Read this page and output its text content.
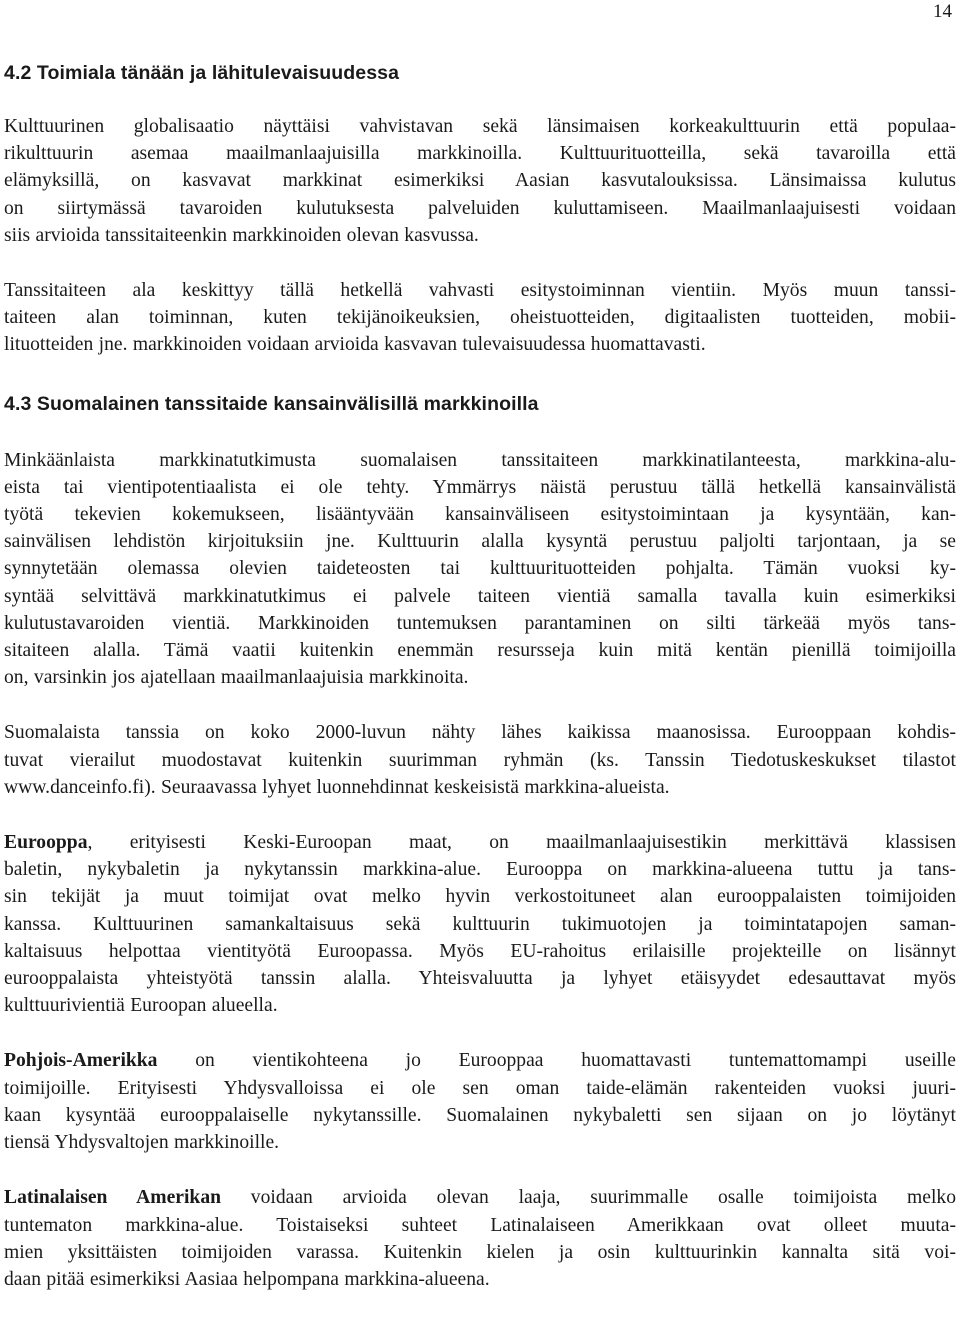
14
4.2 Toimiala tänään ja lähitulevaisuudessa

Kulttuurinen globalisaatio näyttäisi vahvistavan sekä länsimaisen korkeakulttuurin että populaa-
rikulttuurin asemaa maailmanlaajuisilla markkinoilla. Kulttuurituotteilla, sekä tavaroilla että
elämyksillä, on kasvavat markkinat esimerkiksi Aasian kasvutalouksissa. Länsimaissa kulutus
on siirtymässä tavaroiden kulutuksesta palveluiden kuluttamiseen. Maailmanlaajuisesti voidaan
siis arvioida tanssitaiteenkin markkinoiden olevan kasvussa.

Tanssitaiteen ala keskittyy tällä hetkellä vahvasti esitystoiminnan vientiin. Myös muun tanssi-
taiteen alan toiminnan, kuten tekijänoikeuksien, oheistuotteiden, digitaalisten tuotteiden, mobii-
lituotteiden jne. markkinoiden voidaan arvioida kasvavan tulevaisuudessa huomattavasti.

4.3 Suomalainen tanssitaide kansainvälisillä markkinoilla

Minkäänlaista markkinatutkimusta suomalaisen tanssitaiteen markkinatilanteesta, markkina-alu-
eista tai vientipotentiaalista ei ole tehty. Ymmärrys näistä perustuu tällä hetkellä kansainvälistä
työtä tekevien kokemukseen, lisääntyvään kansainväliseen esitystoimintaan ja kysyntään, kan-
sainvälisen lehdistön kirjoituksiin jne. Kulttuurin alalla kysyntä perustuu paljolti tarjontaan, ja se
synnytetään olemassa olevien taideteosten tai kulttuurituotteiden pohjalta. Tämän vuoksi ky-
syntää selvittävä markkinatutkimus ei palvele taiteen vientiä samalla tavalla kuin esimerkiksi
kulutustavaroiden vientiä. Markkinoiden tuntemuksen parantaminen on silti tärkeää myös tans-
sitaiteen alalla. Tämä vaatii kuitenkin enemmän resursseja kuin mitä kentän pienillä toimijoilla
on, varsinkin jos ajatellaan maailmanlaajuisia markkinoita.

Suomalaista tanssia on koko 2000-luvun nähty lähes kaikissa maanosissa. Eurooppaan kohdis-
tuvat vierailut muodostavat kuitenkin suurimman ryhmän (ks. Tanssin Tiedotuskeskukset tilastot
www.danceinfo.fi). Seuraavassa lyhyet luonnehdinnat keskeisistä markkina-alueista.

Eurooppa, erityisesti Keski-Euroopan maat, on maailmanlaajuisestikin merkittävä klassisen
baletin, nykybaletin ja nykytanssin markkina-alue. Eurooppa on markkina-alueena tuttu ja tans-
sin tekijät ja muut toimijat ovat melko hyvin verkostoituneet alan eurooppalaisten toimijoiden
kanssa. Kulttuurinen samankaltaisuus sekä kulttuurin tukimuotojen ja toimintatapojen saman-
kaltaisuus helpottaa vientityötä Euroopassa. Myös EU-rahoitus erilaisille projekteille on lisännyt
eurooppalaista yhteistyötä tanssin alalla. Yhteisvaluutta ja lyhyet etäisyydet edesauttavat myös
kulttuurivientiä Euroopan alueella.

Pohjois-Amerikka on vientikohteena jo Eurooppaa huomattavasti tuntemattomampi useille
toimijoille. Erityisesti Yhdysvalloissa ei ole sen oman taide-elämän rakenteiden vuoksi juuri-
kaan kysyntää eurooppalaiselle nykytanssille. Suomalainen nykybaletti sen sijaan on jo löytänyt
tiensä Yhdysvaltojen markkinoille.

Latinalaisen Amerikan voidaan arvioida olevan laaja, suurimmalle osalle toimijoista melko
tuntematon markkina-alue. Toistaiseksi suhteet Latinalaiseen Amerikkaan ovat olleet muuta-
mien yksittäisten toimijoiden varassa. Kuitenkin kielen ja osin kulttuurinkin kannalta sitä voi-
daan pitää esimerkiksi Aasiaa helpompana markkina-alueena.
